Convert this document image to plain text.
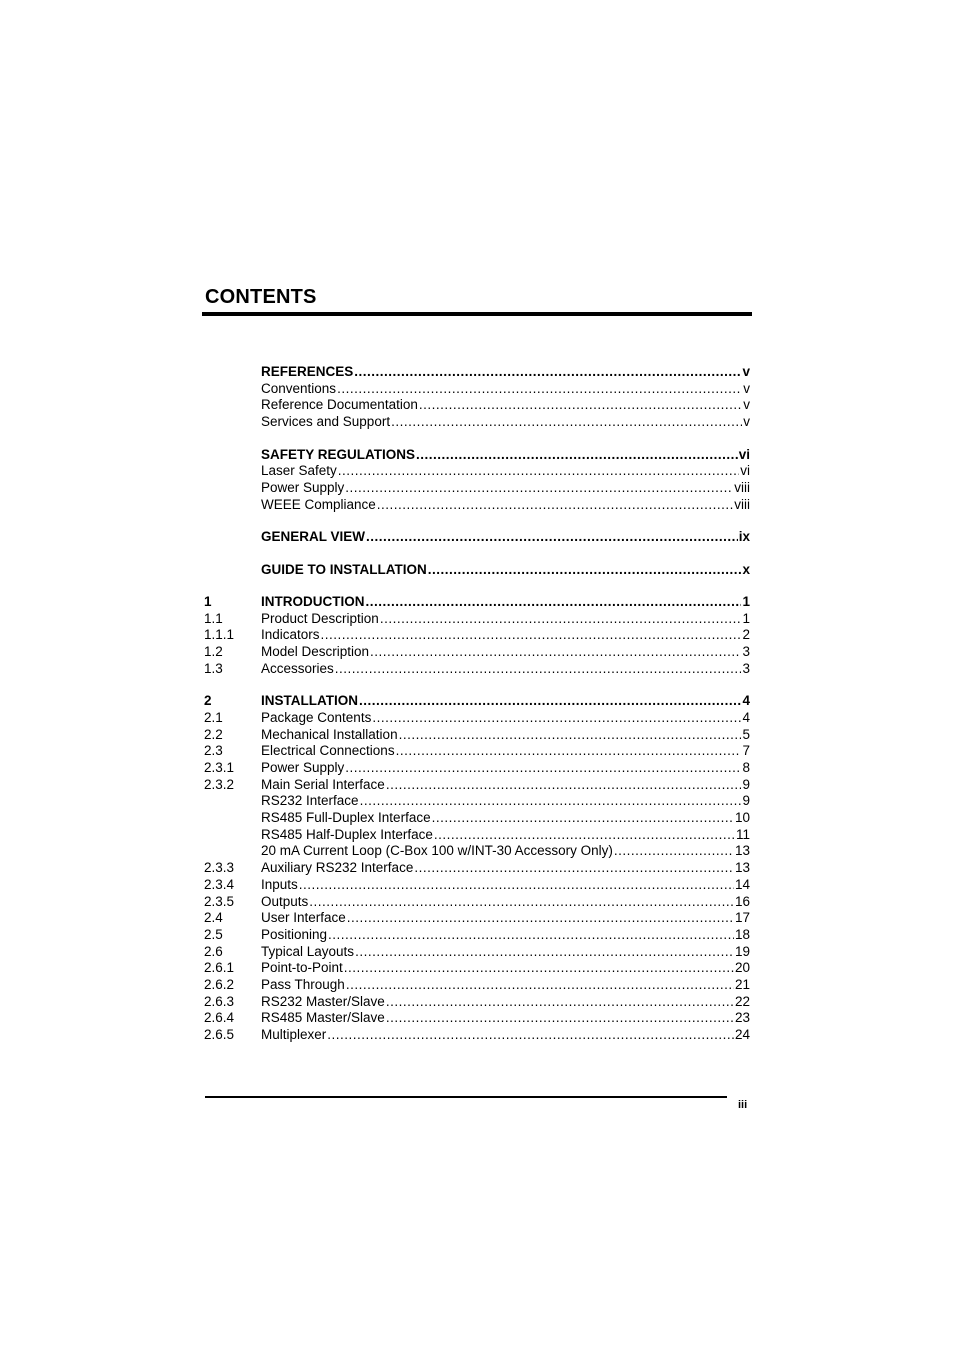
CONTENTS
REFERENCES .....	v
Conventions .....	v
Reference Documentation .....	v
Services and Support .....	v
SAFETY REGULATIONS .....	vi
Laser Safety .....	vi
Power Supply .....	viii
WEEE Compliance .....	viii
GENERAL VIEW .....	ix
GUIDE TO INSTALLATION .....	x
1	INTRODUCTION .....	1
1.1	Product Description .....	1
1.1.1 Indicators .....	2
1.2	Model Description .....	3
1.3	Accessories .....	3
2	INSTALLATION .....	4
2.1	Package Contents .....	4
2.2	Mechanical Installation .....	5
2.3	Electrical Connections .....	7
2.3.1 Power Supply .....	8
2.3.2 Main Serial Interface .....	9
RS232 Interface .....	9
RS485 Full-Duplex Interface .....	10
RS485 Half-Duplex Interface .....	11
20 mA Current Loop (C-Box 100 w/INT-30 Accessory Only) .....	13
2.3.3 Auxiliary RS232 Interface .....	13
2.3.4 Inputs .....	14
2.3.5 Outputs .....	16
2.4	User Interface .....	17
2.5	Positioning .....	18
2.6	Typical Layouts .....	19
2.6.1 Point-to-Point .....	20
2.6.2 Pass Through .....	21
2.6.3 RS232 Master/Slave .....	22
2.6.4 RS485 Master/Slave .....	23
2.6.5 Multiplexer .....	24
iii
